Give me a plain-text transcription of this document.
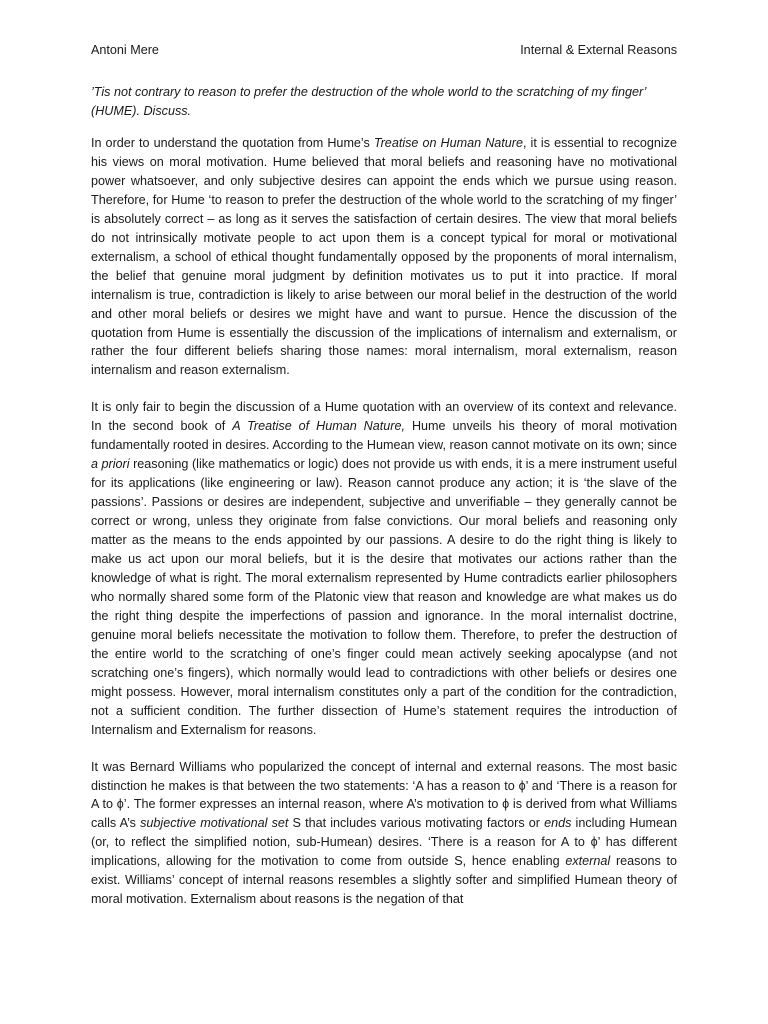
Antoni Mere	Internal & External Reasons

’Tis not contrary to reason to prefer the destruction of the whole world to the scratching of my finger’ (HUME). Discuss.

In order to understand the quotation from Hume’s Treatise on Human Nature, it is essential to recognize his views on moral motivation. Hume believed that moral beliefs and reasoning have no motivational power whatsoever, and only subjective desires can appoint the ends which we pursue using reason. Therefore, for Hume ‘to reason to prefer the destruction of the whole world to the scratching of my finger’ is absolutely correct – as long as it serves the satisfaction of certain desires. The view that moral beliefs do not intrinsically motivate people to act upon them is a concept typical for moral or motivational externalism, a school of ethical thought fundamentally opposed by the proponents of moral internalism, the belief that genuine moral judgment by definition motivates us to put it into practice. If moral internalism is true, contradiction is likely to arise between our moral belief in the destruction of the world and other moral beliefs or desires we might have and want to pursue. Hence the discussion of the quotation from Hume is essentially the discussion of the implications of internalism and externalism, or rather the four different beliefs sharing those names: moral internalism, moral externalism, reason internalism and reason externalism.

It is only fair to begin the discussion of a Hume quotation with an overview of its context and relevance. In the second book of A Treatise of Human Nature, Hume unveils his theory of moral motivation fundamentally rooted in desires. According to the Humean view, reason cannot motivate on its own; since a priori reasoning (like mathematics or logic) does not provide us with ends, it is a mere instrument useful for its applications (like engineering or law). Reason cannot produce any action; it is ‘the slave of the passions’. Passions or desires are independent, subjective and unverifiable – they generally cannot be correct or wrong, unless they originate from false convictions. Our moral beliefs and reasoning only matter as the means to the ends appointed by our passions. A desire to do the right thing is likely to make us act upon our moral beliefs, but it is the desire that motivates our actions rather than the knowledge of what is right. The moral externalism represented by Hume contradicts earlier philosophers who normally shared some form of the Platonic view that reason and knowledge are what makes us do the right thing despite the imperfections of passion and ignorance. In the moral internalist doctrine, genuine moral beliefs necessitate the motivation to follow them. Therefore, to prefer the destruction of the entire world to the scratching of one’s finger could mean actively seeking apocalypse (and not scratching one’s fingers), which normally would lead to contradictions with other beliefs or desires one might possess. However, moral internalism constitutes only a part of the condition for the contradiction, not a sufficient condition. The further dissection of Hume’s statement requires the introduction of Internalism and Externalism for reasons.

It was Bernard Williams who popularized the concept of internal and external reasons. The most basic distinction he makes is that between the two statements: ‘A has a reason to ϕ’ and ‘There is a reason for A to ϕ’. The former expresses an internal reason, where A’s motivation to ϕ is derived from what Williams calls A’s subjective motivational set S that includes various motivating factors or ends including Humean (or, to reflect the simplified notion, sub-Humean) desires. ‘There is a reason for A to ϕ’ has different implications, allowing for the motivation to come from outside S, hence enabling external reasons to exist. Williams’ concept of internal reasons resembles a slightly softer and simplified Humean theory of moral motivation. Externalism about reasons is the negation of that
